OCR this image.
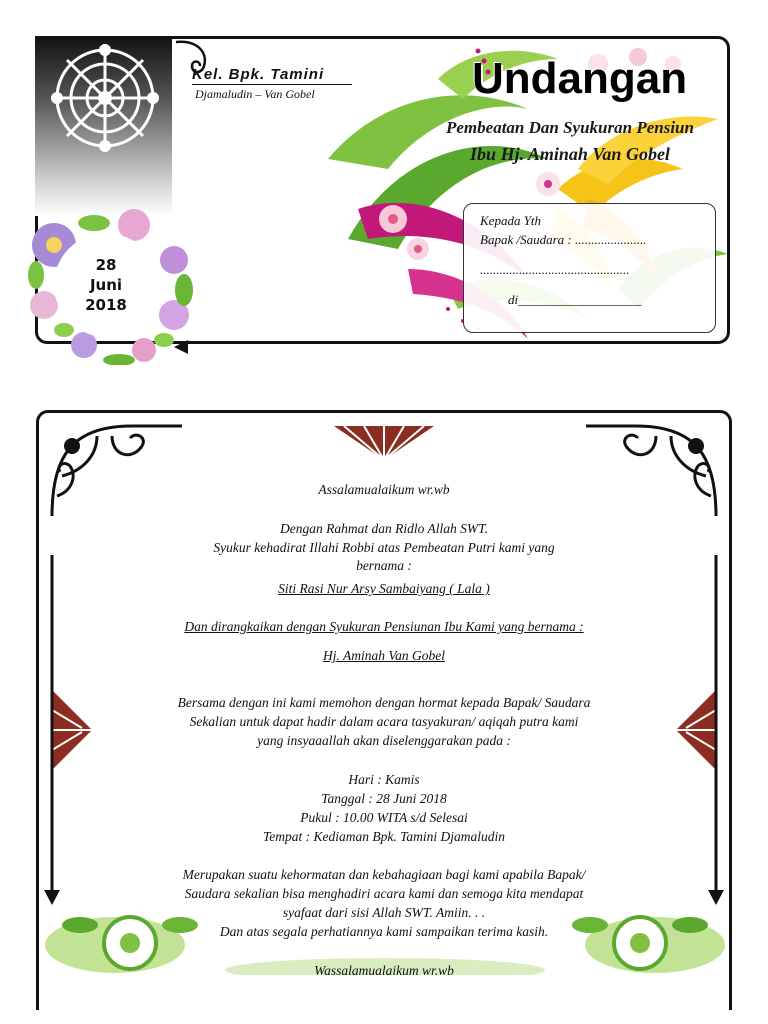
Kel. Bpk. Tamini
Djamaludin – Van Gobel	Undangan
Pembeatan Dan Syukuran Pensiun
Ibu Hj. Aminah Van Gobel
Kepada Yth
Bapak /Saudara : ......................
..............................................
di___________________
28
Juni
2018
Assalamualaikum wr.wb
Dengan Rahmat dan Ridlo Allah SWT.
Syukur kehadirat Illahi Robbi atas Pembeatan Putri kami yang
bernama :
Siti Rasi Nur Arsy Sambaiyang ( Lala )
Dan dirangkaikan dengan Syukuran Pensiunan Ibu Kami yang bernama :
Hj. Aminah Van Gobel
Bersama dengan ini kami memohon dengan hormat kepada Bapak/ Saudara
Sekalian untuk dapat hadir dalam acara tasyakuran/ aqiqah putra kami
yang insyaaallah akan diselenggarakan pada :
Hari : Kamis
Tanggal : 28 Juni 2018
Pukul : 10.00 WITA s/d Selesai
Tempat : Kediaman Bpk. Tamini Djamaludin
Merupakan suatu kehormatan dan kebahagiaan bagi kami apabila Bapak/
Saudara sekalian bisa menghadiri acara kami dan semoga kita mendapat
syafaat dari sisi Allah SWT. Amiin. . .
Dan atas segala perhatiannya kami sampaikan terima kasih.
Wassalamualaikum wr.wb
